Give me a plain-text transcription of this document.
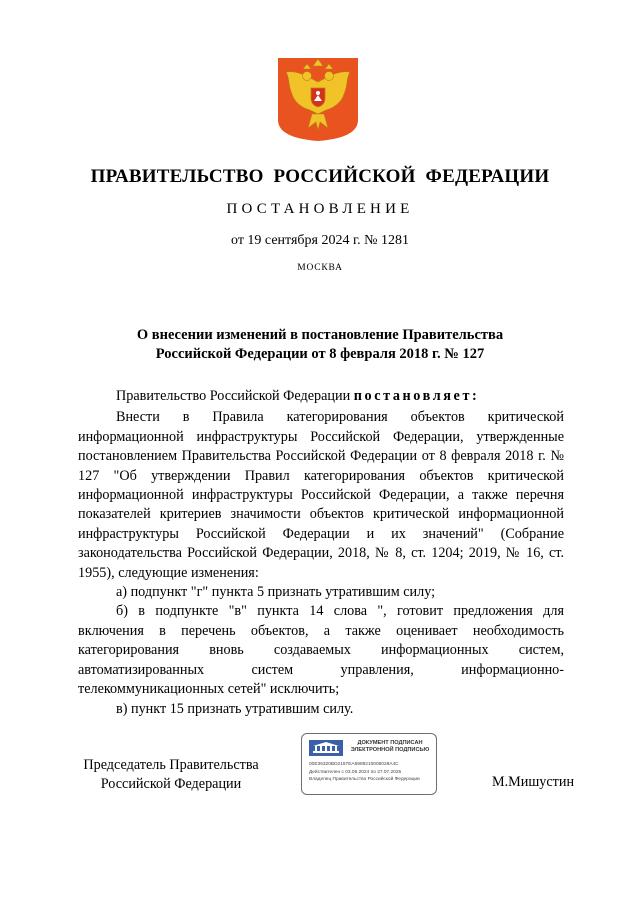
ПРАВИТЕЛЬСТВО РОССИЙСКОЙ ФЕДЕРАЦИИ
ПОСТАНОВЛЕНИЕ
от 19 сентября 2024 г. № 1281
МОСКВА
О внесении изменений в постановление Правительства
Российской Федерации от 8 февраля 2018 г. № 127

Правительство Российской Федерации постановляет:

Внести в Правила категорирования объектов критической информационной инфраструктуры Российской Федерации, утвержденные постановлением Правительства Российской Федерации от 8 февраля 2018 г. № 127 "Об утверждении Правил категорирования объектов критической информационной инфраструктуры Российской Федерации, а также перечня показателей критериев значимости объектов критической информационной инфраструктуры Российской Федерации и их значений" (Собрание законодательства Российской Федерации, 2018, № 8, ст. 1204; 2019, № 16, ст. 1955), следующие изменения:

а) подпункт "г" пункта 5 признать утратившим силу;

б) в подпункте "в" пункта 14 слова ", готовит предложения для включения в перечень объектов, а также оценивает необходимость категорирования вновь создаваемых информационных систем, автоматизированных систем управления, информационно-телекоммуникационных сетей" исключить;

в) пункт 15 признать утратившим силу.

Председатель Правительства
Российской Федерации
ДОКУМЕНТ ПОДПИСАН
ЭЛЕКТРОННОЙ ПОДПИСЬЮ
00E36320BD2197EA5989210006028A4C
Действителен с 03.05.2024 по 27.07.2025
Владелец Правительство Российской Федерации	М.Мишустин
